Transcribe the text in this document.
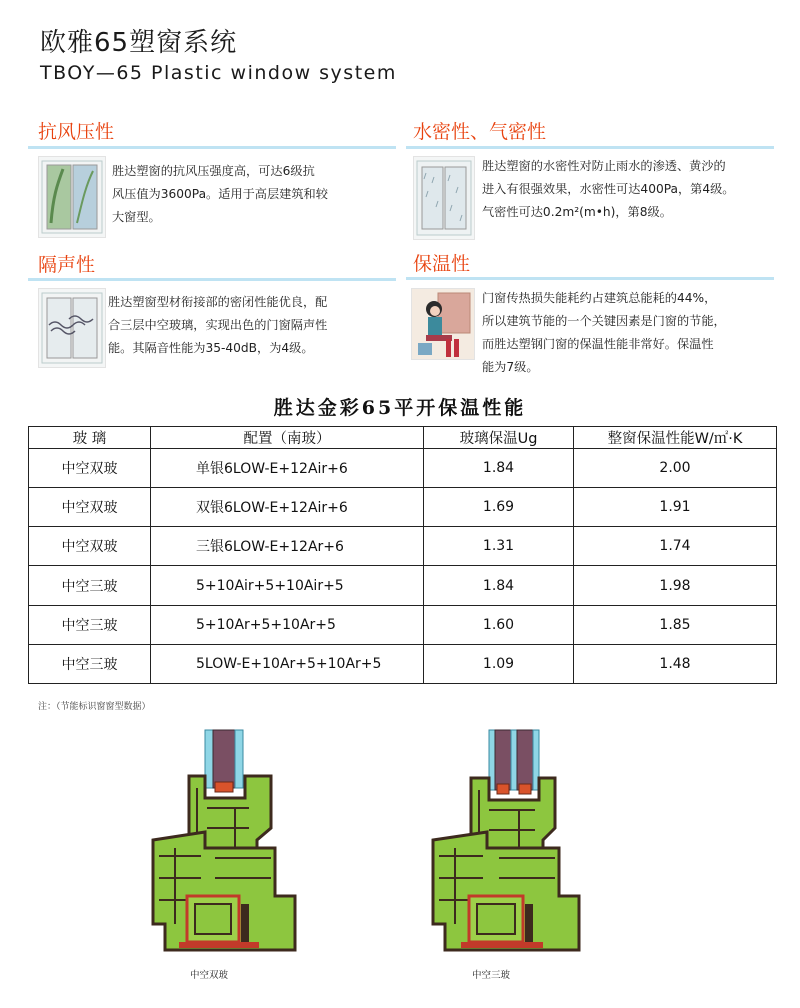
欧雅65塑窗系统
TBOY—65 Plastic window system
抗风压性
胜达塑窗的抗风压强度高，可达6级抗
风压值为3600Pa。适用于高层建筑和较
大窗型。
水密性、气密性
胜达塑窗的水密性对防止雨水的渗透、黄沙的
进入有很强效果，水密性可达400Pa，第4级。
气密性可达0.2m²(m•h)，第8级。
隔声性
胜达塑窗型材衔接部的密闭性能优良，配
合三层中空玻璃，实现出色的门窗隔声性
能。其隔音性能为35-40dB，为4级。
保温性
门窗传热损失能耗约占建筑总能耗的44%，
所以建筑节能的一个关键因素是门窗的节能，
而胜达塑钢门窗的保温性能非常好。保温性
能为7级。
胜达金彩65平开保温性能
玻 璃	配置（南玻）	玻璃保温Ug	整窗保温性能W/㎡·K
中空双玻	单银6LOW-E+12Air+6	1.84	2.00
中空双玻	双银6LOW-E+12Air+6	1.69	1.91
中空双玻	三银6LOW-E+12Ar+6	1.31	1.74
中空三玻	5+10Air+5+10Air+5	1.84	1.98
中空三玻	5+10Ar+5+10Ar+5	1.60	1.85
中空三玻	5LOW-E+10Ar+5+10Ar+5	1.09	1.48
注：（节能标识窗窗型数据）
中空双玻	中空三玻
